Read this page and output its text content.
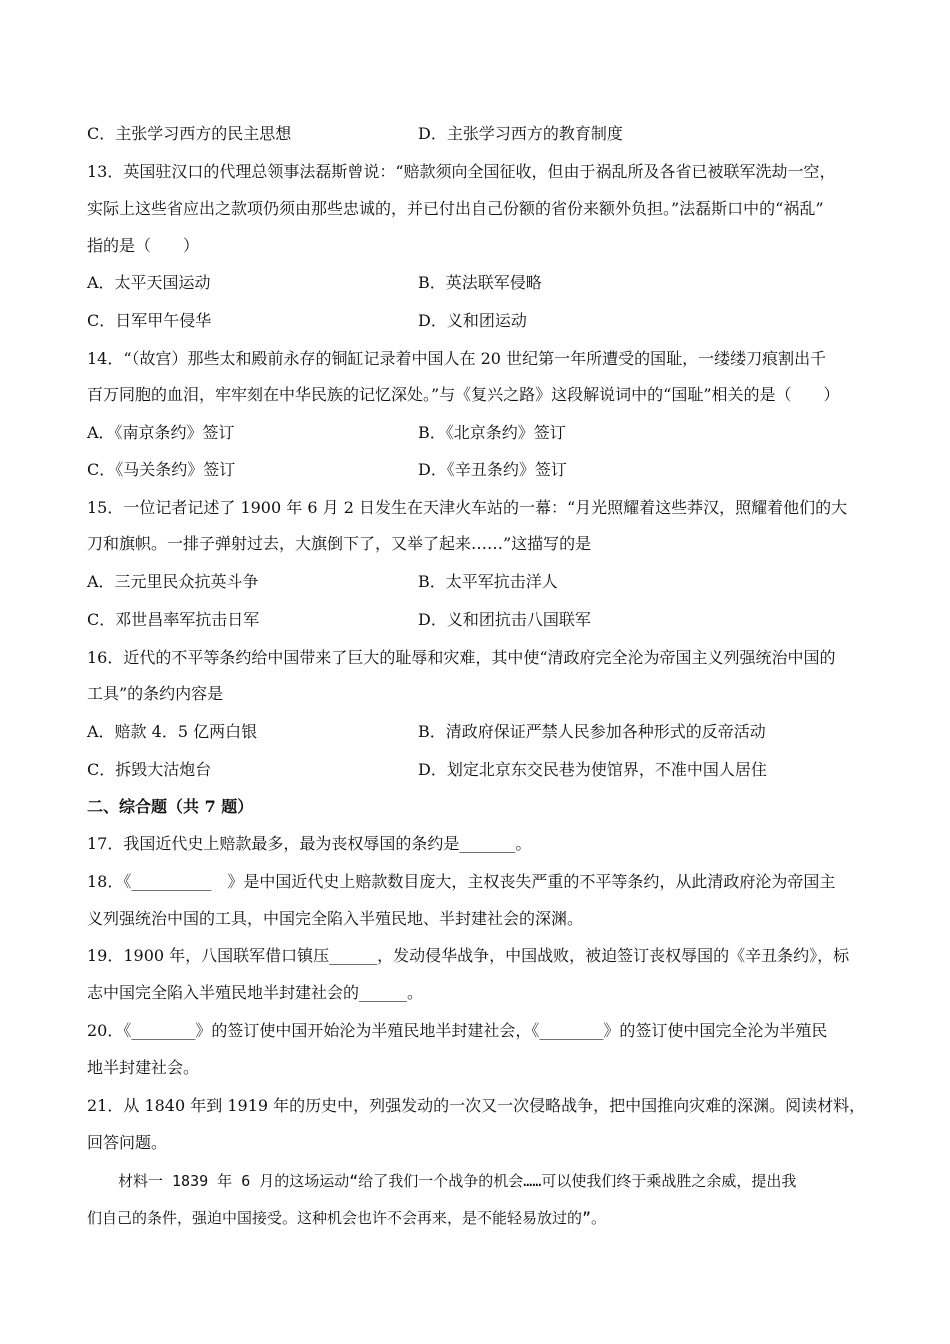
C．主张学习西方的民主思想	D．主张学习西方的教育制度
13．英国驻汉口的代理总领事法磊斯曾说：“赔款须向全国征收，但由于祸乱所及各省已被联军洗劫一空，
实际上这些省应出之款项仍须由那些忠诚的，并已付出自己份额的省份来额外负担。”法磊斯口中的“祸乱”
指的是（　　）
A．太平天国运动	B．英法联军侵略
C．日军甲午侵华	D．义和团运动
14．“（故宫）那些太和殿前永存的铜缸记录着中国人在 20 世纪第一年所遭受的国耻，一缕缕刀痕割出千
百万同胞的血泪，牢牢刻在中华民族的记忆深处。”与《复兴之路》这段解说词中的“国耻”相关的是（　　）
A．《南京条约》签订	B．《北京条约》签订
C．《马关条约》签订	D．《辛丑条约》签订
15．一位记者记述了 1900 年 6 月 2 日发生在天津火车站的一幕：“月光照耀着这些莽汉，照耀着他们的大
刀和旗帜。一排子弹射过去，大旗倒下了，又举了起来……”这描写的是
A．三元里民众抗英斗争	B．太平军抗击洋人
C．邓世昌率军抗击日军	D．义和团抗击八国联军
16．近代的不平等条约给中国带来了巨大的耻辱和灾难，其中使“清政府完全沦为帝国主义列强统治中国的
工具”的条约内容是
A．赔款 4．5 亿两白银	B．清政府保证严禁人民参加各种形式的反帝活动
C．拆毁大沽炮台	D．划定北京东交民巷为使馆界，不准中国人居住
二、综合题（共 7 题）
17．我国近代史上赔款最多，最为丧权辱国的条约是_______。
18．《__________　》是中国近代史上赔款数目庞大，主权丧失严重的不平等条约，从此清政府沦为帝国主
义列强统治中国的工具，中国完全陷入半殖民地、半封建社会的深渊。
19．1900 年，八国联军借口镇压______，发动侵华战争，中国战败，被迫签订丧权辱国的《辛丑条约》，标
志中国完全陷入半殖民地半封建社会的______。
20．《________》的签订使中国开始沦为半殖民地半封建社会，《________》的签订使中国完全沦为半殖民
地半封建社会。
21．从 1840 年到 1919 年的历史中，列强发动的一次又一次侵略战争，把中国推向灾难的深渊。阅读材料，
回答问题。
材料一 1839 年 6 月的这场运动“给了我们一个战争的机会……可以使我们终于乘战胜之余威，提出我
们自己的条件，强迫中国接受。这种机会也许不会再来，是不能轻易放过的”。
